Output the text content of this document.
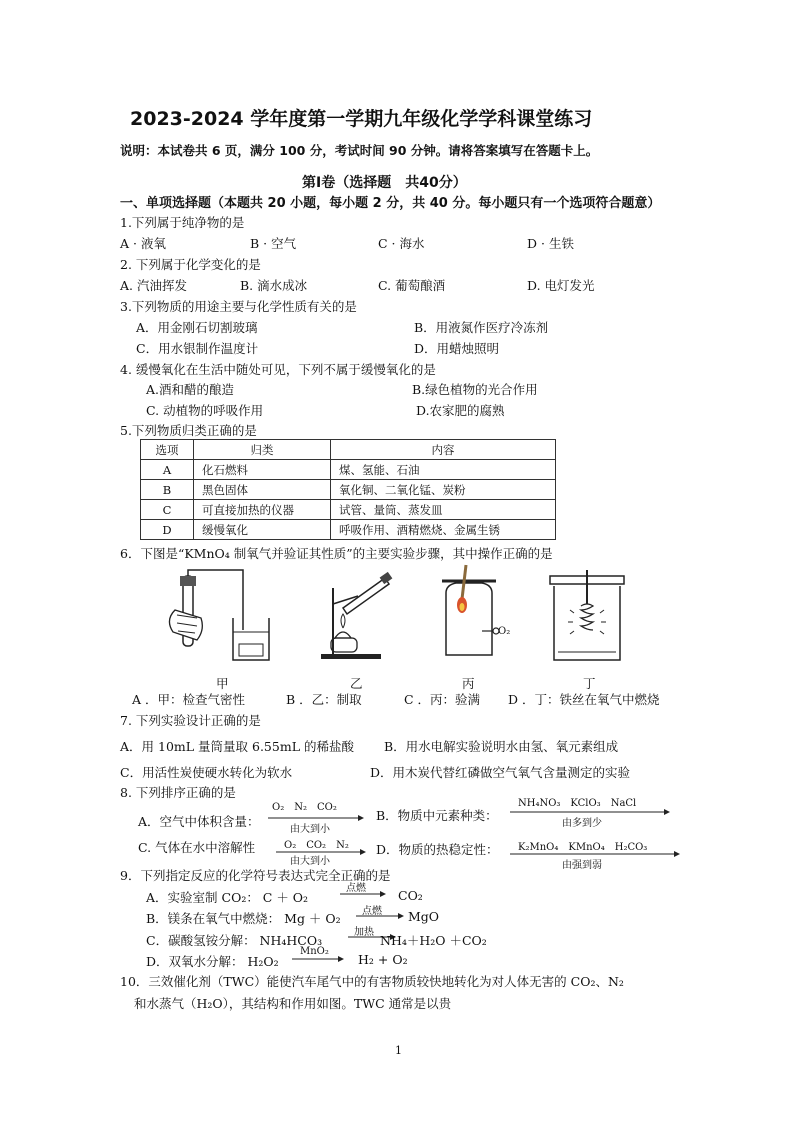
2023-2024 学年度第一学期九年级化学学科课堂练习
说明：本试卷共 6 页，满分 100 分，考试时间 90 分钟。请将答案填写在答题卡上。
第Ⅰ卷（选择题　共40分）
一、单项选择题（本题共 20 小题，每小题 2 分，共 40 分。每小题只有一个选项符合题意）
1.下列属于纯净物的是
A · 液氧	B · 空气	C · 海水	D · 生铁
2. 下列属于化学变化的是
A. 汽油挥发	B. 滴水成冰	C. 葡萄酿酒	D. 电灯发光
3.下列物质的用途主要与化学性质有关的是
A．用金刚石切割玻璃	B．用液氮作医疗冷冻剂
C．用水银制作温度计	D．用蜡烛照明
4. 缓慢氧化在生活中随处可见，下列不属于缓慢氧化的是
A.酒和醋的酿造	B.绿色植物的光合作用
C. 动植物的呼吸作用	D.农家肥的腐熟
5.下列物质归类正确的是
选项	归类	内容
A	化石燃料	煤、氢能、石油
B	黑色固体	氧化铜、二氧化锰、炭粉
C	可直接加热的仪器	试管、量筒、蒸发皿
D	缓慢氧化	呼吸作用、酒精燃烧、金属生锈
6．下图是“KMnO₄ 制氧气并验证其性质”的主要实验步骤，其中操作正确的是
O₂
甲	乙	丙	丁
A ．甲：检查气密性	B ．乙：制取	C ．丙：验满 D ．丁：铁丝在氧气中燃烧
7. 下列实验设计正确的是
A．用 10mL 量筒量取 6.55mL 的稀盐酸 B．用水电解实验说明水由氢、氧元素组成
C．用活性炭使硬水转化为软水	D．用木炭代替红磷做空气氧气含量测定的实验
8. 下列排序正确的是
A．空气中体积含量：
O₂　N₂　CO₂
由大到小
B．物质中元素种类：
NH₄NO₃　KClO₃　NaCl
由多到少
C. 气体在水中溶解性	O₂　CO₂　N₂
由大到小
D．物质的热稳定性： K₂MnO₄　KMnO₄　H₂CO₃
由强到弱
9．下列指定反应的化学符号表达式完全正确的是
A．实验室制 CO₂： C ＋ O₂
点燃	CO₂
B．镁条在氧气中燃烧： Mg ＋ O₂ 点燃 MgO
C．碳酸氢铵分解： NH₄HCO₃
加热
NH₄＋H₂O ＋CO₂
D．双氧水分解： H₂O₂
MnO₂
H₂ + O₂
10．三效催化剂（TWC）能使汽车尾气中的有害物质较快地转化为对人体无害的 CO₂、N₂
和水蒸气（H₂O），其结构和作用如图。TWC 通常是以贵
1
